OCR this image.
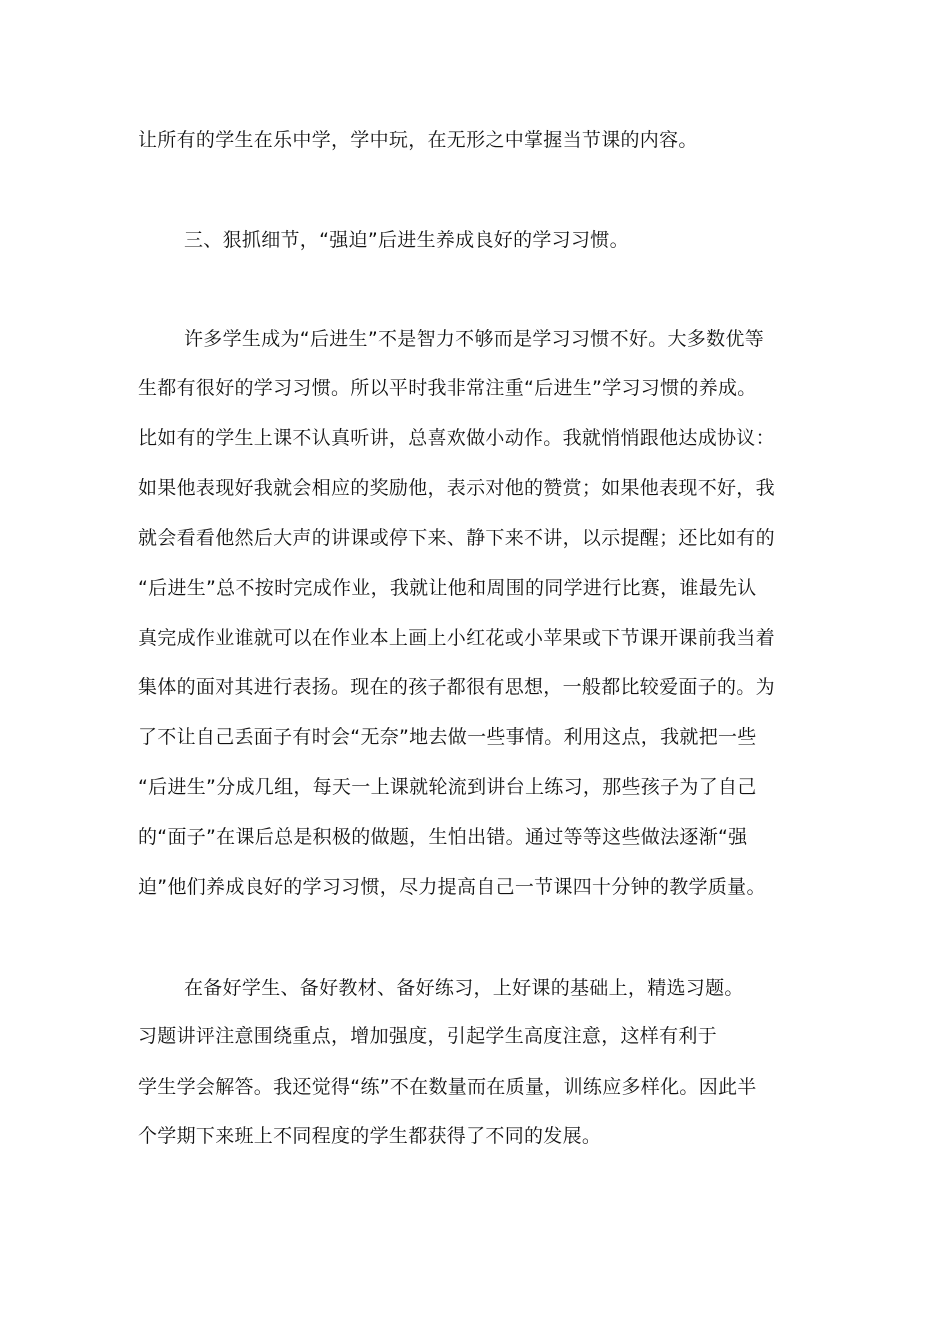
让所有的学生在乐中学，学中玩，在无形之中掌握当节课的内容。
三、狠抓细节，“强迫”后进生养成良好的学习习惯。
许多学生成为“后进生”不是智力不够而是学习习惯不好。大多数优等
生都有很好的学习习惯。所以平时我非常注重“后进生”学习习惯的养成。
比如有的学生上课不认真听讲，总喜欢做小动作。我就悄悄跟他达成协议：
如果他表现好我就会相应的奖励他，表示对他的赞赏；如果他表现不好，我
就会看看他然后大声的讲课或停下来、静下来不讲，以示提醒；还比如有的
“后进生”总不按时完成作业，我就让他和周围的同学进行比赛，谁最先认
真完成作业谁就可以在作业本上画上小红花或小苹果或下节课开课前我当着
集体的面对其进行表扬。现在的孩子都很有思想，一般都比较爱面子的。为
了不让自己丢面子有时会“无奈”地去做一些事情。利用这点，我就把一些
“后进生”分成几组，每天一上课就轮流到讲台上练习，那些孩子为了自己
的“面子”在课后总是积极的做题，生怕出错。通过等等这些做法逐渐“强
迫”他们养成良好的学习习惯，尽力提高自己一节课四十分钟的教学质量。
在备好学生、备好教材、备好练习，上好课的基础上，精选习题。
习题讲评注意围绕重点，增加强度，引起学生高度注意，这样有利于
学生学会解答。我还觉得“练”不在数量而在质量，训练应多样化。因此半
个学期下来班上不同程度的学生都获得了不同的发展。
